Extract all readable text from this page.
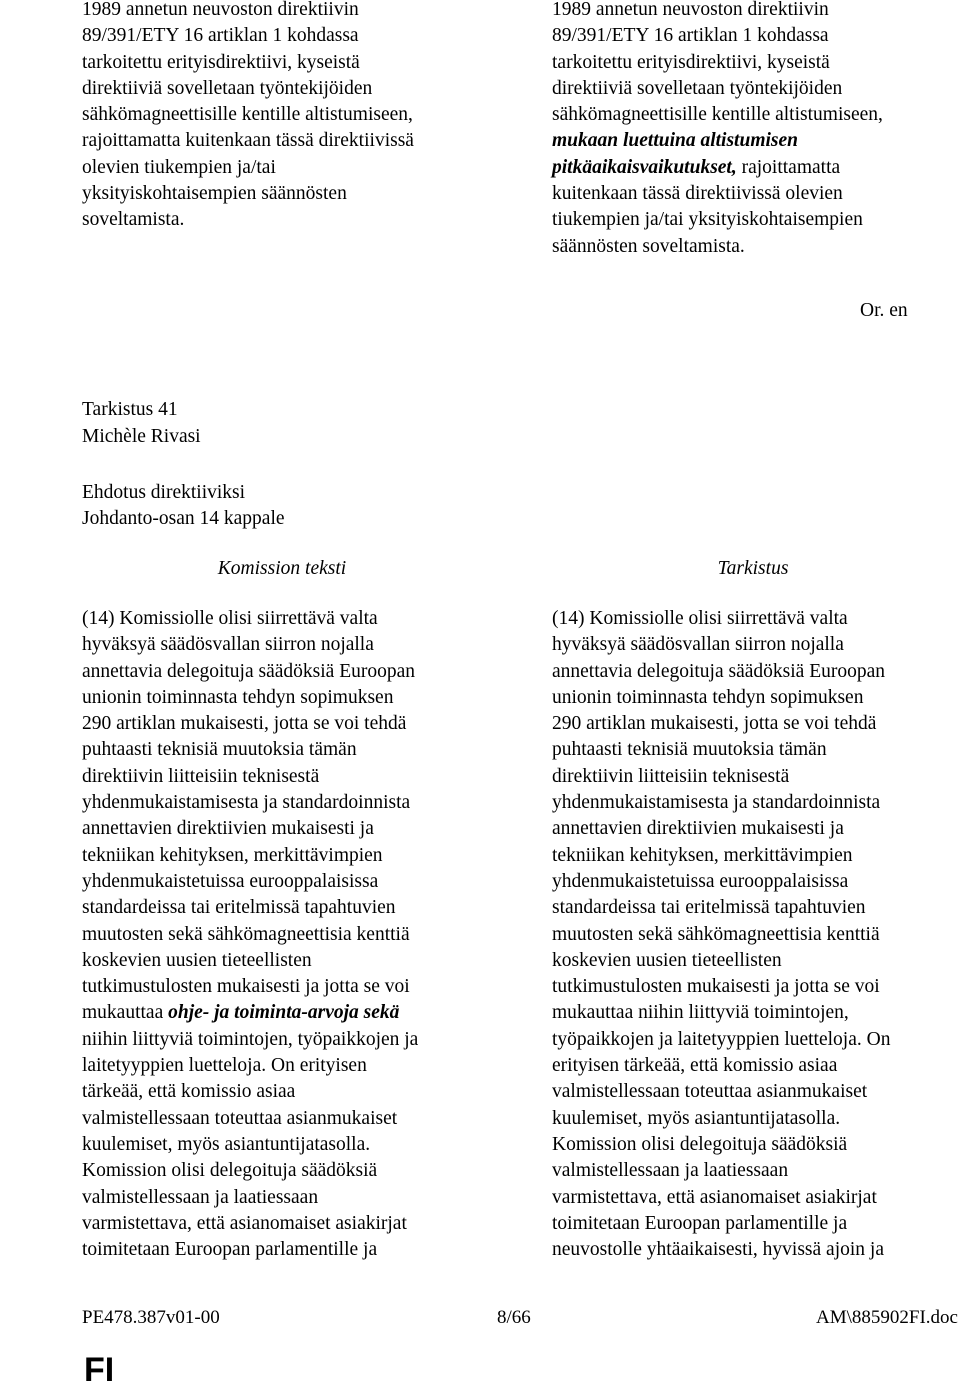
1989 annetun neuvoston direktiivin
89/391/ETY 16 artiklan 1 kohdassa
tarkoitettu erityisdirektiivi, kyseistä
direktiiviä sovelletaan työntekijöiden
sähkömagneettisille kentille altistumiseen,
rajoittamatta kuitenkaan tässä direktiivissä
olevien tiukempien ja/tai
yksityiskohtaisempien säännösten
soveltamista.

1989 annetun neuvoston direktiivin
89/391/ETY 16 artiklan 1 kohdassa
tarkoitettu erityisdirektiivi, kyseistä
direktiiviä sovelletaan työntekijöiden
sähkömagneettisille kentille altistumiseen,
mukaan luettuina altistumisen
pitkäaikaisvaikutukset, rajoittamatta
kuitenkaan tässä direktiivissä olevien
tiukempien ja/tai yksityiskohtaisempien
säännösten soveltamista.

Or. en
Tarkistus 41
Michèle Rivasi
Ehdotus direktiiviksi
Johdanto-osan 14 kappale
Komission teksti	Tarkistus

(14) Komissiolle olisi siirrettävä valta
hyväksyä säädösvallan siirron nojalla
annettavia delegoituja säädöksiä Euroopan
unionin toiminnasta tehdyn sopimuksen
290 artiklan mukaisesti, jotta se voi tehdä
puhtaasti teknisiä muutoksia tämän
direktiivin liitteisiin teknisestä
yhdenmukaistamisesta ja standardoinnista
annettavien direktiivien mukaisesti ja
tekniikan kehityksen, merkittävimpien
yhdenmukaistetuissa eurooppalaisissa
standardeissa tai eritelmissä tapahtuvien
muutosten sekä sähkömagneettisia kenttiä
koskevien uusien tieteellisten
tutkimustulosten mukaisesti ja jotta se voi
mukauttaa ohje- ja toiminta-arvoja sekä
niihin liittyviä toimintojen, työpaikkojen ja
laitetyyppien luetteloja. On erityisen
tärkeää, että komissio asiaa
valmistellessaan toteuttaa asianmukaiset
kuulemiset, myös asiantuntijatasolla.
Komission olisi delegoituja säädöksiä
valmistellessaan ja laatiessaan
varmistettava, että asianomaiset asiakirjat
toimitetaan Euroopan parlamentille ja

(14) Komissiolle olisi siirrettävä valta
hyväksyä säädösvallan siirron nojalla
annettavia delegoituja säädöksiä Euroopan
unionin toiminnasta tehdyn sopimuksen
290 artiklan mukaisesti, jotta se voi tehdä
puhtaasti teknisiä muutoksia tämän
direktiivin liitteisiin teknisestä
yhdenmukaistamisesta ja standardoinnista
annettavien direktiivien mukaisesti ja
tekniikan kehityksen, merkittävimpien
yhdenmukaistetuissa eurooppalaisissa
standardeissa tai eritelmissä tapahtuvien
muutosten sekä sähkömagneettisia kenttiä
koskevien uusien tieteellisten
tutkimustulosten mukaisesti ja jotta se voi
mukauttaa niihin liittyviä toimintojen,
työpaikkojen ja laitetyyppien luetteloja. On
erityisen tärkeää, että komissio asiaa
valmistellessaan toteuttaa asianmukaiset
kuulemiset, myös asiantuntijatasolla.
Komission olisi delegoituja säädöksiä
valmistellessaan ja laatiessaan
varmistettava, että asianomaiset asiakirjat
toimitetaan Euroopan parlamentille ja
neuvostolle yhtäaikaisesti, hyvissä ajoin ja

PE478.387v01-00	8/66	AM\885902FI.doc
FI
